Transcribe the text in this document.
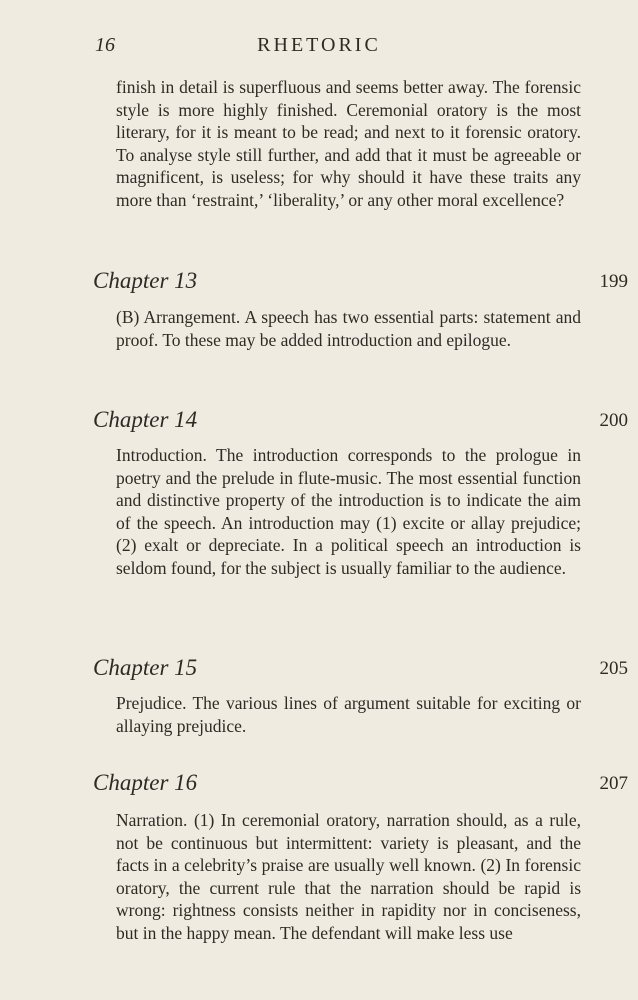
16	RHETORIC

finish in detail is superfluous and seems better away. The forensic style is more highly finished. Ceremonial oratory is the most literary, for it is meant to be read; and next to it forensic oratory. To analyse style still further, and add that it must be agreeable or magnificent, is useless; for why should it have these traits any more than ‘restraint,’ ‘liberality,’ or any other moral excellence?

Chapter 13	199

(B) Arrangement. A speech has two essential parts: statement and proof. To these may be added introduction and epilogue.

Chapter 14	200

Introduction. The introduction corresponds to the prologue in poetry and the prelude in flute-music. The most essential function and distinctive property of the introduction is to indicate the aim of the speech. An introduction may (1) excite or allay prejudice; (2) exalt or depreciate. In a political speech an introduction is seldom found, for the subject is usually familiar to the audience.

Chapter 15	205

Prejudice. The various lines of argument suitable for exciting or allaying prejudice.

Chapter 16	207

Narration. (1) In ceremonial oratory, narration should, as a rule, not be continuous but intermittent: variety is pleasant, and the facts in a celebrity’s praise are usually well known. (2) In forensic oratory, the current rule that the narration should be rapid is wrong: rightness consists neither in rapidity nor in conciseness, but in the happy mean. The defendant will make less use
